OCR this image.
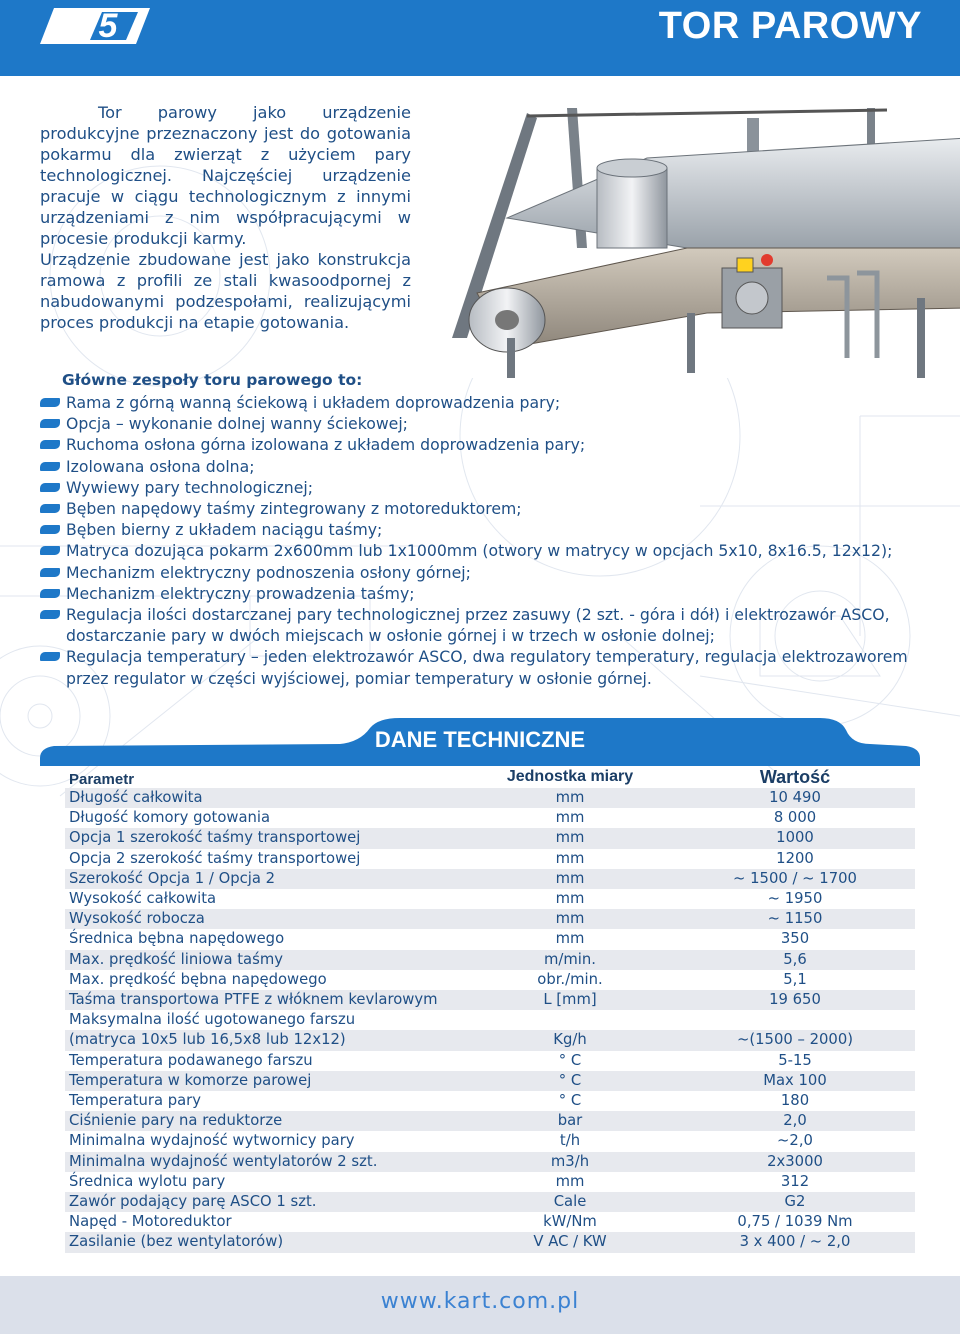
5	TOR PAROWY

Tor parowy jako urządzenie produkcyjne przeznaczony jest do gotowania pokarmu dla zwierząt z użyciem pary technologicznej. Najczęściej urządzenie pracuje w ciągu technologicznym z innymi urządzeniami z nim współpracującymi w procesie produkcji karmy.

Urządzenie zbudowane jest jako konstrukcja ramowa z profili ze stali kwasoodpornej z nabudowanymi podzespołami, realizującymi proces produkcji na etapie gotowania.

Główne zespoły toru parowego to:
Rama z górną wanną ściekową i układem doprowadzenia pary;
Opcja – wykonanie dolnej wanny ściekowej;
Ruchoma osłona górna izolowana z układem doprowadzenia pary;
Izolowana osłona dolna;
Wywiewy pary technologicznej;
Bęben napędowy taśmy zintegrowany z motoreduktorem;
Bęben bierny z układem naciągu taśmy;
Matryca dozująca pokarm 2x600mm lub 1x1000mm (otwory w matrycy w opcjach 5x10, 8x16.5, 12x12);
Mechanizm elektryczny podnoszenia osłony górnej;
Mechanizm elektryczny prowadzenia taśmy;
Regulacja ilości dostarczanej pary technologicznej przez zasuwy (2 szt. - góra i dół) i elektrozawór ASCO, dostarczanie pary w dwóch miejscach w osłonie górnej i w trzech w osłonie dolnej;
Regulacja temperatury – jeden elektrozawór ASCO, dwa regulatory temperatury, regulacja elektrozaworem przez regulator w części wyjściowej, pomiar temperatury w osłonie górnej.
DANE TECHNICZNE
Parametr	Jednostka miary	Wartość
Długość całkowita	mm	10 490
Długość komory gotowania	mm	8 000
Opcja 1 szerokość taśmy transportowej	mm	1000
Opcja 2 szerokość taśmy transportowej	mm	1200
Szerokość Opcja 1 / Opcja 2	mm	~ 1500 / ~ 1700
Wysokość całkowita	mm	~ 1950
Wysokość robocza	mm	~ 1150
Średnica bębna napędowego	mm	350
Max. prędkość liniowa taśmy	m/min.	5,6
Max. prędkość bębna napędowego	obr./min.	5,1
Taśma transportowa PTFE z włóknem kevlarowym	L [mm]	19 650
Maksymalna ilość ugotowanego farszu		
(matryca 10x5 lub 16,5x8 lub 12x12)	Kg/h	~(1500 – 2000)
Temperatura podawanego farszu	° C	5-15
Temperatura w komorze parowej	° C	Max 100
Temperatura pary	° C	180
Ciśnienie pary na reduktorze	bar	2,0
Minimalna wydajność wytwornicy pary	t/h	~2,0
Minimalna wydajność wentylatorów 2 szt.	m3/h	2x3000
Średnica wylotu pary	mm	312
Zawór podający parę ASCO 1 szt.	Cale	G2
Napęd - Motoreduktor	kW/Nm	0,75 / 1039 Nm
Zasilanie (bez wentylatorów)	V AC / KW	3 x 400 / ~ 2,0
www.kart.com.pl
